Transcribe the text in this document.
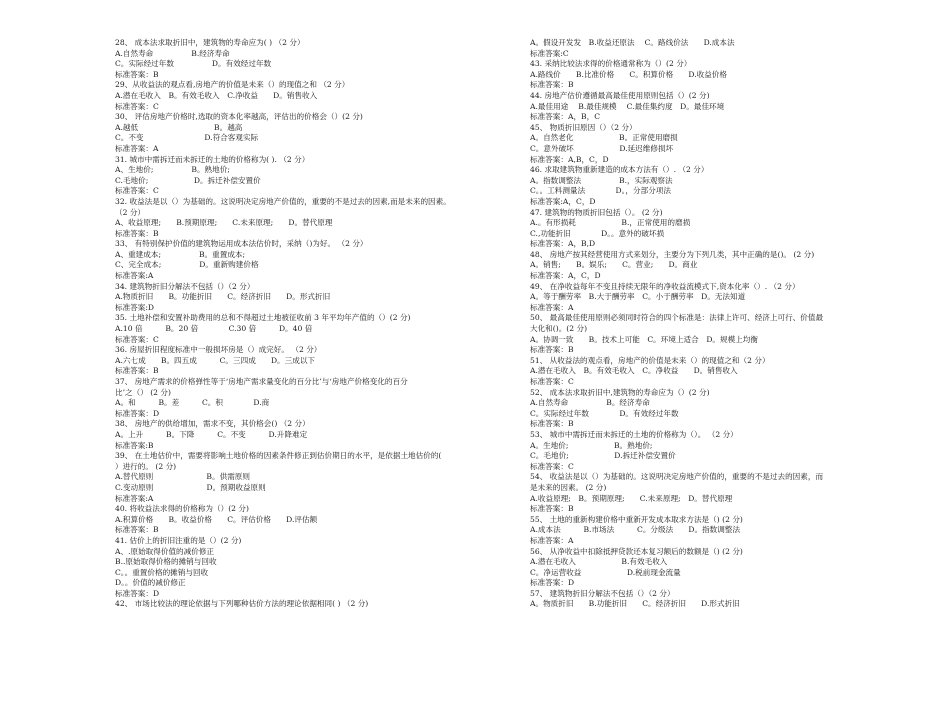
28、 成本法求取折旧中，建筑物的寿命应为( ) （2 分）
A.自然寿命　　　　　B.经济寿命
C。实际经过年数　　　　　D。有效经过年数
标准答案：B
29、从收益法的观点看,房地产的价值是未来（）的现值之和 （2 分）
A.潜在毛收入　B。有效毛收入　C.净收益　　D。销售收入
标准答案：C
30、 评估房地产价格时,选取的资本化率越高，评估出的价格会（）(2 分)
A.越低　　　　　　　　　　B。越高
C。不变　　　　　　　　D.符合客观实际
标准答案：A
31. 城市中需拆迁而未拆迁的土地的价格称为( ). （2 分）
A、生地价;　　　　　B。熟地价;
C.毛地价;　　　　　　D。拆迁补偿安置价
标准答案：C
32. 收益法是以（）为基础的。这说明决定房地产价值的，重要的不是过去的因素,而是未来的因素。
（2 分）
A、收益原理;　　B.预期原理;　　C.未来原理;　　D。替代原理
标准答案：B
33、 有特别保护价值的建筑物运用成本法估价时，采纳（)为好。 （2 分）
A、重建成本;　　　　　B。重置成本;
C、完全成本;　　　　　D。重新购建价格
标准答案:A
34. 建筑物折旧分解法不包括（）（2 分）
A.物质折旧　　B。功能折旧　　C。经济折旧　　D。形式折旧
标准答案:D
35. 土地补偿和安置补助费用的总和不得超过土地被征收前 3 年平均年产值的（）(2 分)
A.10 倍　　　B。20 倍　　　　C.30 倍　　　D。40 倍
标准答案：C
36. 房屋折旧程度标准中一般损坏房是（）成完好。 （2 分）
A.六七成　　B。四五成　　　C。三四成　　D。三成以下
标准答案：B
37、 房地产需求的价格弹性等于‘房地产需求量变化的百分比’与‘房地产价格变化的百分
比’之（） (2 分)
A。和　　　B。差　　　C。积　　　　D.商
标准答案：D
38、 房地产的供给增加，需求不变，其价格会() （2 分）
A。上升　　　B。下降　　　C。不变　　　D.升降难定
标准答案:B
39、 在土地估价中，需要将影响土地价格的因素条件修正到估价期日的水平，是依据土地估价的(
）进行的。 (2 分)
A.替代原则　　　　　　　B。供需原则
C.变动原则　　　　　　　D。预期收益原则
标准答案:A
40. 将收益法求得的价格称为（）(2 分)
A.积算价格　　B。收益价格　　C。评估价格　　D.评估额
标准答案：B
41. 估价上的折旧注重的是（）(2 分)
A、.原始取得价值的减价修正
B..原始取得价格的摊销与回收
C。。重置价格的摊销与回收
D。。价值的减价修正
标准答案：D
42、 市场比较法的理论依据与下列哪种估价方法的理论依据相同( ) （2 分)
A。假设开发发　B.收益还原法　 C。路线价法　　D.成本法
标准答案:C
43. 采纳比较法求得的价格通常称为（）(2 分）
A.路线价　　B.比准价格　　C。积算价格　　D.收益价格
标准答案：B
44. 房地产估价遵循最高最佳使用原则包括（）(2 分)
A.最佳用途　 B.最佳规模　 C.最佳集约度　D。最佳环境
标准答案：A，B，C
45、 物质折旧原因（）（2 分）
A。自然老化　　　　　　B。正常使用磨损
C。意外破坏　　　　　　D.延迟维修损坏
标准答案：A,B，C，D
46. 求取建筑物重新建造的成本方法有（）. （2 分）
A。指数调整法　　　　　B.，实际观察法
C。。工料测量法　　　　D。，分部分项法
标准答案:A，C，D
47. 建筑物的物质折旧包括（）。 (2 分)
A.。有形损耗　　　　　　B.，正常使用的磨损
C.,功能折旧　　　　D。。意外的破坏损
标准答案：A，B,D
48、 房地产按其经营使用方式来划分，主要分为下列几类，其中正确的是()。 (2 分)
A。销售;　　B。娱乐;　　C。营业;　　D。商业
标准答案：A，C，D
49、 在净收益每年不变且持续无限年的净收益流模式下,资本化率（）. （2 分）
A。等于酬劳率　B.大于酬劳率　C。小于酬劳率　D。无法知道
标准答案：A
50、 最高最佳使用原则必须同时符合的四个标准是：法律上许可、经济上可行、价值最
大化和()。(2 分)
A。协调一致　　B。技术上可能　C。环境上适合　D。规模上均衡
标准答案：B
51、 从收益法的观点看，房地产的价值是未来（）的现值之和（2 分）
A.潜在毛收入　B。有效毛收入　C。净收益　　D。销售收入
标准答案：C
52、 成本法求取折旧中,建筑物的寿命应为（）(2 分)
A.自然寿命　　　　　B。经济寿命
C。实际经过年数　　　　D。有效经过年数
标准答案：B
53、 城市中需拆迁而未拆迁的土地的价格称为（）。 （2 分）
A。生地价;　　　　　　B。熟地价;
C。毛地价;　　　　　　D.拆迁补偿安置价
标准答案：C
54、 收益法是以（）为基础的。这说明决定房地产价值的，重要的不是过去的因素，而
是未来的因素。 (2 分)
A.收益原理;　B。预期原理;　　C.未来原理;　D。替代原理
标准答案：B
55、 土地的重新构建价格中重新开发成本取求方法是（) (2 分)
A.成本法　　　B.市场法　　　C。分级法　　D。指数调整法
标准答案：A
56、 从净收益中扣除抵押贷款还本复习额后的数额是（) (2 分)
A.潜在毛收入　　　　　　B.有效毛收入
C。净运营收益　　　　　　D.税前现金流量
标准答案：D
57、 建筑物折旧分解法不包括（）（2 分）
A。物质折旧　　B.功能折旧　　C。经济折旧　　D.形式折旧
